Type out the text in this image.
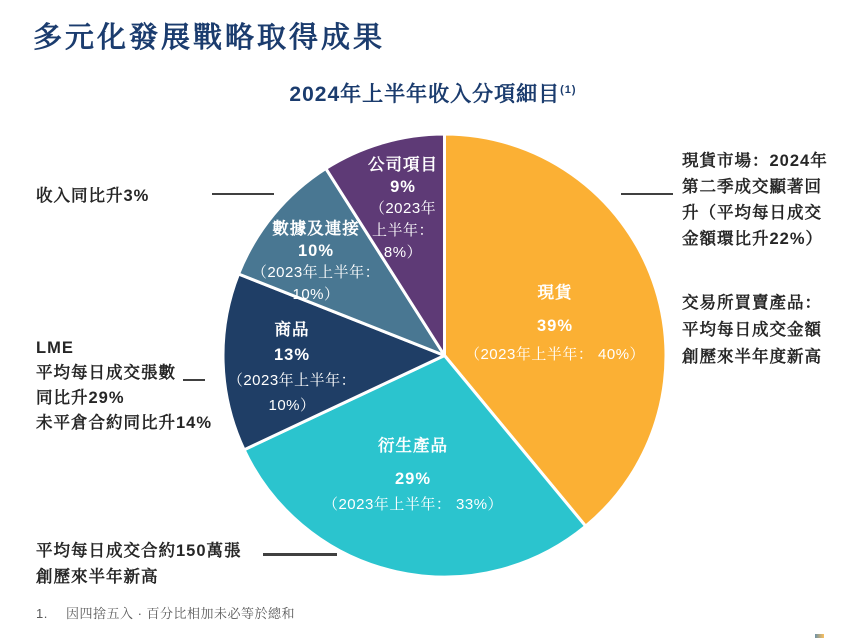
多元化發展戰略取得成果
2024年上半年收入分項細目$^{(1)}$
現貨
39%
（2023年上半年： 40%）
衍生產品
29%
（2023年上半年： 33%）
商品
13%
（2023年上半年：
10%）
數據及連接
10%
（2023年上半年：
10%）
公司項目
9%
（2023年
上半年：
8%）
收入同比升3%
LME
平均每日成交張數
同比升29%
未平倉合約同比升14%
平均每日成交合約150萬張
創歷來半年新高
現貨市場：2024年
第二季成交顯著回
升（平均每日成交
金額環比升22%）
交易所買賣產品：
平均每日成交金額
創歷來半年度新高
1. 因四捨五入 · 百分比相加未必等於總和
